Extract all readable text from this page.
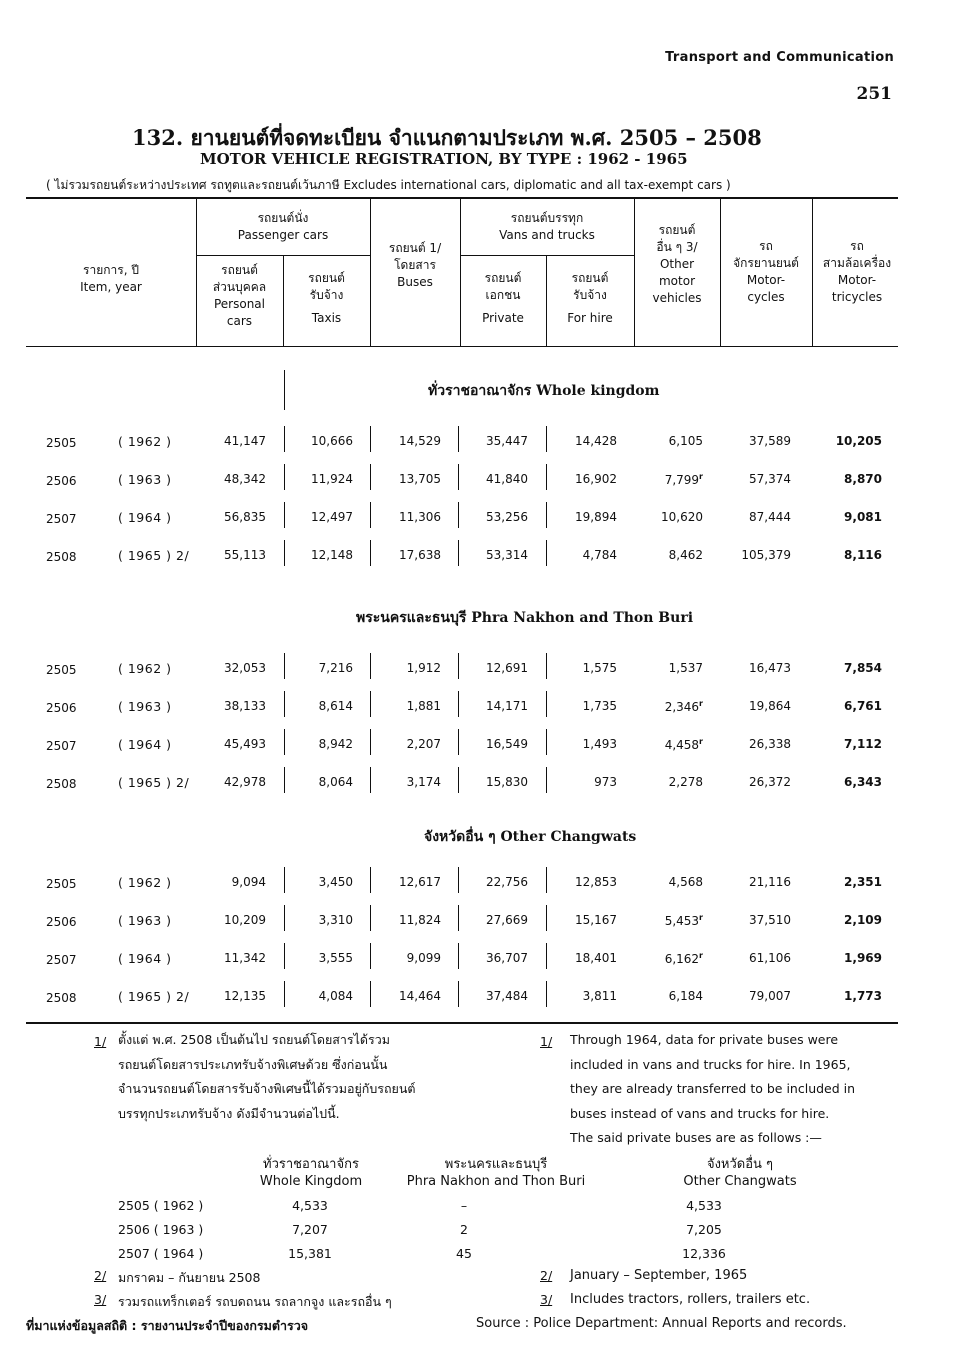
Transport and Communication
251
132. ยานยนต์ที่จดทะเบียน จำแนกตามประเภท พ.ศ. 2505 – 2508
MOTOR VEHICLE REGISTRATION, BY TYPE : 1962 - 1965
( ไม่รวมรถยนต์ระหว่างประเทศ รถทูตและรถยนต์เว้นภาษี Excludes international cars, diplomatic and all tax-exempt cars )
รายการ, ปี
Item, year
รถยนต์นั่ง
Passenger cars
รถยนต์
ส่วนบุคคล
Personal
cars
รถยนต์
รับจ้าง
Taxis
รถยนต์ 1/
โดยสาร
Buses
รถยนต์บรรทุก
Vans and trucks
รถยนต์
เอกชน
Private
รถยนต์
รับจ้าง
For hire
รถยนต์
อื่น ๆ 3/
Other
motor
vehicles
รถ
จักรยานยนต์
Motor-
cycles
รถ
สามล้อเครื่อง
Motor-
tricycles
ทั่วราชอาณาจักร Whole kingdom
พระนครและธนบุรี Phra Nakhon and Thon Buri
จังหวัดอื่น ๆ Other Changwats
2505	( 1962 )	41,147	10,666	14,529	35,447	14,428	6,105	37,589	10,205
2506	( 1963 )	48,342	11,924	13,705	41,840	16,902	7,799$^r$	57,374	8,870
2507	( 1964 )	56,835	12,497	11,306	53,256	19,894	10,620	87,444	9,081
2508	( 1965 ) 2/	55,113	12,148	17,638	53,314	4,784	8,462	105,379	8,116
2505	( 1962 )	32,053	7,216	1,912	12,691	1,575	1,537	16,473	7,854
2506	( 1963 )	38,133	8,614	1,881	14,171	1,735	2,346$^r$	19,864	6,761
2507	( 1964 )	45,493	8,942	2,207	16,549	1,493	4,458$^r$	26,338	7,112
2508	( 1965 ) 2/	42,978	8,064	3,174	15,830	973	2,278	26,372	6,343
2505	( 1962 )	9,094	3,450	12,617	22,756	12,853	4,568	21,116	2,351
2506	( 1963 )	10,209	3,310	11,824	27,669	15,167	5,453$^r$	37,510	2,109
2507	( 1964 )	11,342	3,555	9,099	36,707	18,401	6,162$^r$	61,106	1,969
2508	( 1965 ) 2/	12,135	4,084	14,464	37,484	3,811	6,184	79,007	1,773
1/ ตั้งแต่ พ.ศ. 2508 เป็นต้นไป รถยนต์โดยสารได้รวม
รถยนต์โดยสารประเภทรับจ้างพิเศษด้วย ซึ่งก่อนนั้น
จำนวนรถยนต์โดยสารรับจ้างพิเศษนี้ได้รวมอยู่กับรถยนต์
บรรทุกประเภทรับจ้าง ดังมีจำนวนต่อไปนี้.
1/ Through 1964, data for private buses were
included in vans and trucks for hire. In 1965,
they are already transferred to be included in
buses instead of vans and trucks for hire.
The said private buses are as follows :—
ทั่วราชอาณาจักร
Whole Kingdom
พระนครและธนบุรี
Phra Nakhon and Thon Buri
จังหวัดอื่น ๆ
Other Changwats
2505 ( 1962 )	4,533	–	4,533
2506 ( 1963 )	7,207	2	7,205
2507 ( 1964 )	15,381	45	12,336
2/ มกราคม – กันยายน 2508	2/ January – September, 1965
3/ รวมรถแทร็กเตอร์ รถบดถนน รถลากจูง และรถอื่น ๆ	3/ Includes tractors, rollers, trailers etc.
ที่มาแห่งข้อมูลสถิติ : รายงานประจำปีของกรมตำรวจ	Source : Police Department: Annual Reports and records.
